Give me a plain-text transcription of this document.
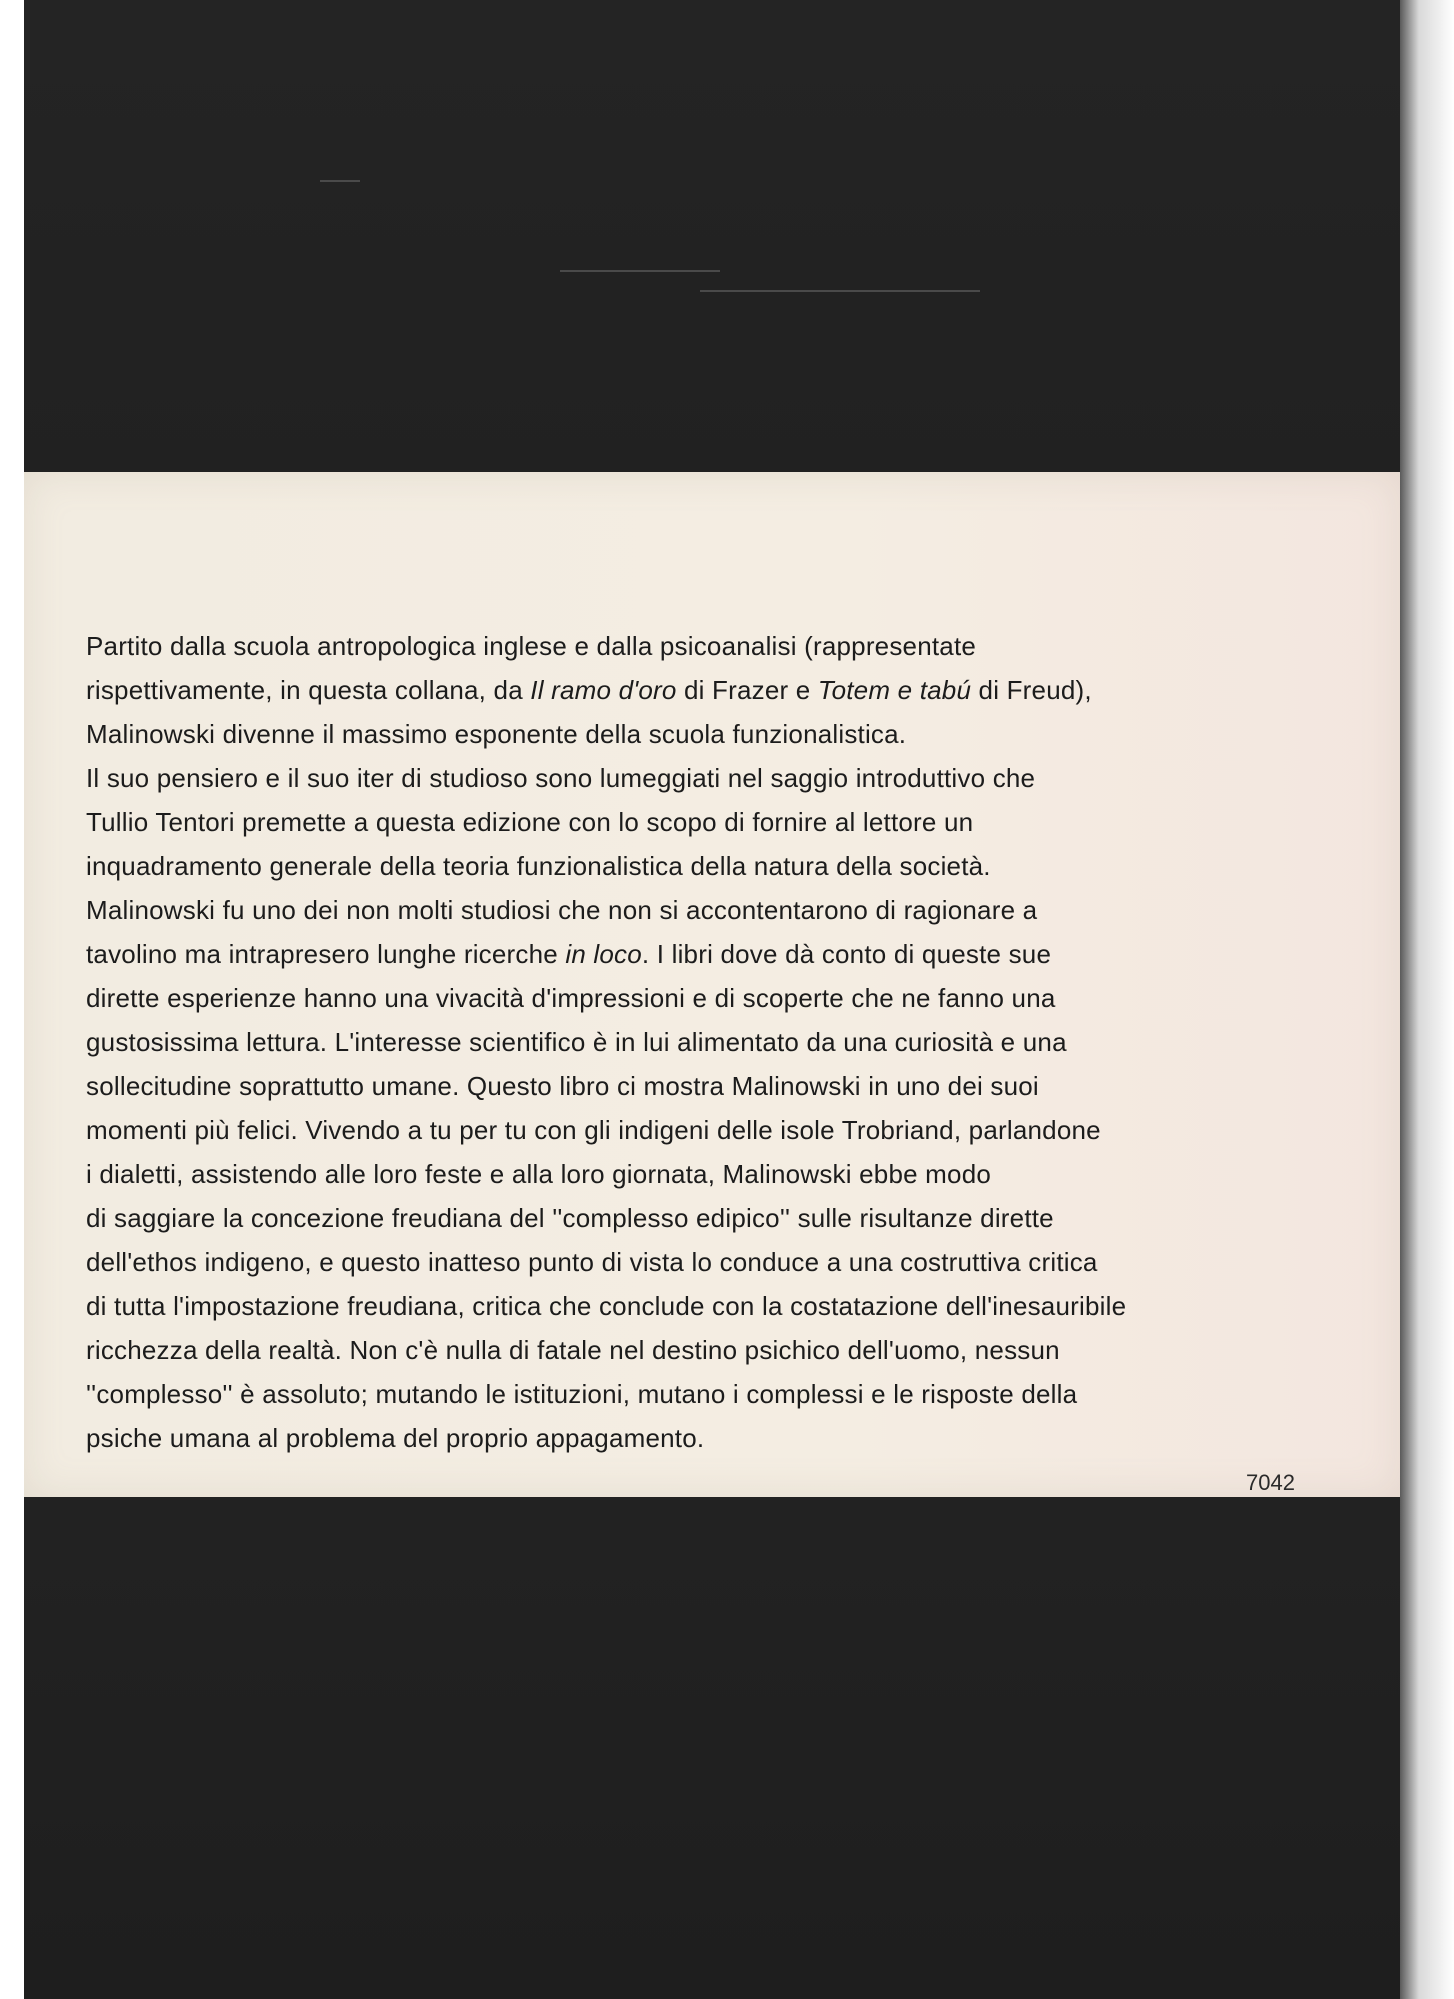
Partito dalla scuola antropologica inglese e dalla psicoanalisi (rappresentate
rispettivamente, in questa collana, da Il ramo d'oro di Frazer e Totem e tabú di Freud),
Malinowski divenne il massimo esponente della scuola funzionalistica.
Il suo pensiero e il suo iter di studioso sono lumeggiati nel saggio introduttivo che
Tullio Tentori premette a questa edizione con lo scopo di fornire al lettore un
inquadramento generale della teoria funzionalistica della natura della società.
Malinowski fu uno dei non molti studiosi che non si accontentarono di ragionare a
tavolino ma intrapresero lunghe ricerche in loco. I libri dove dà conto di queste sue
dirette esperienze hanno una vivacità d'impressioni e di scoperte che ne fanno una
gustosissima lettura. L'interesse scientifico è in lui alimentato da una curiosità e una
sollecitudine soprattutto umane. Questo libro ci mostra Malinowski in uno dei suoi
momenti più felici. Vivendo a tu per tu con gli indigeni delle isole Trobriand, parlandone
i dialetti, assistendo alle loro feste e alla loro giornata, Malinowski ebbe modo
di saggiare la concezione freudiana del ''complesso edipico'' sulle risultanze dirette
dell'ethos indigeno, e questo inatteso punto di vista lo conduce a una costruttiva critica
di tutta l'impostazione freudiana, critica che conclude con la costatazione dell'inesauribile
ricchezza della realtà. Non c'è nulla di fatale nel destino psichico dell'uomo, nessun
''complesso'' è assoluto; mutando le istituzioni, mutano i complessi e le risposte della
psiche umana al problema del proprio appagamento.
7042
